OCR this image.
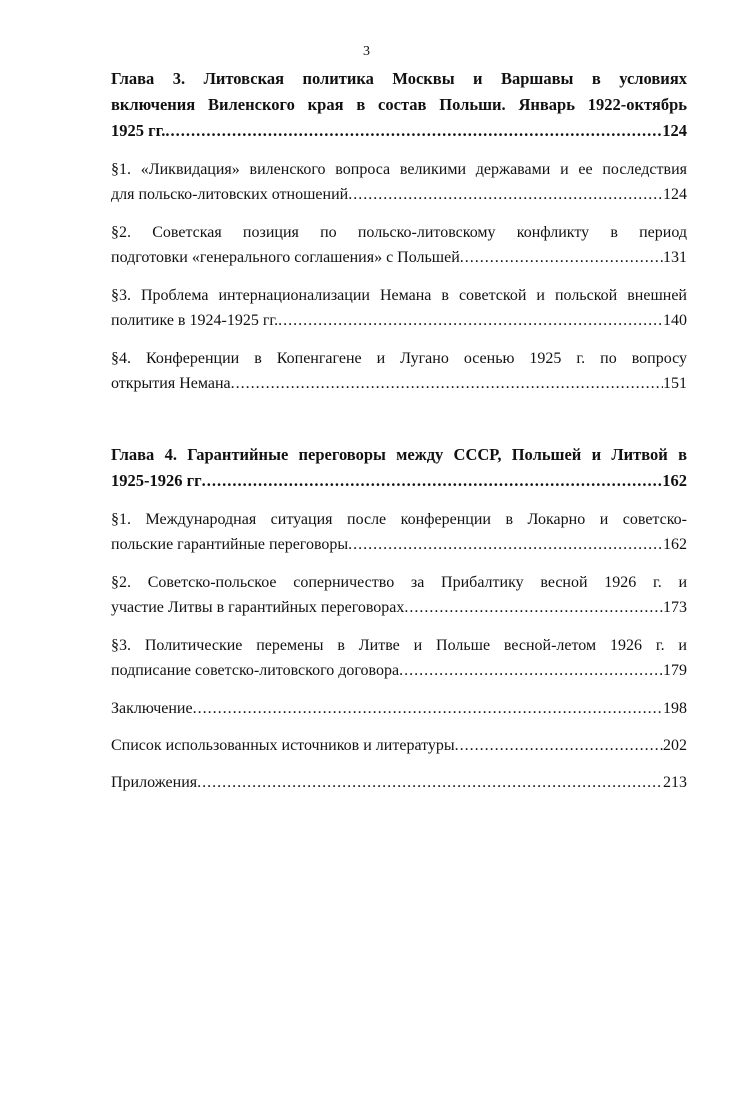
3
Глава 3. Литовская политика Москвы и Варшавы в условиях
включения Виленского края в состав Польши. Январь 1922-октябрь
1925 гг. .....	124
§1. «Ликвидация» виленского вопроса великими державами и ее последствия
для польско-литовских отношений .....	124
§2. Советская позиция по польско-литовскому конфликту в период
подготовки «генерального соглашения» с Польшей .....	131
§3. Проблема интернационализации Немана в советской и польской внешней
политике в 1924-1925 гг. .....	140
§4. Конференции в Копенгагене и Лугано осенью 1925 г. по вопросу
открытия Немана .....	151
Глава 4. Гарантийные переговоры между СССР, Польшей и Литвой в
1925-1926 гг .....	162
§1. Международная ситуация после конференции в Локарно и советско-
польские гарантийные переговоры .....	162
§2. Советско-польское соперничество за Прибалтику весной 1926 г. и
участие Литвы в гарантийных переговорах .....	173
§3. Политические перемены в Литве и Польше весной-летом 1926 г. и
подписание советско-литовского договора .....	179
Заключение .....	198
Список использованных источников и литературы .....	202
Приложения .....	213
